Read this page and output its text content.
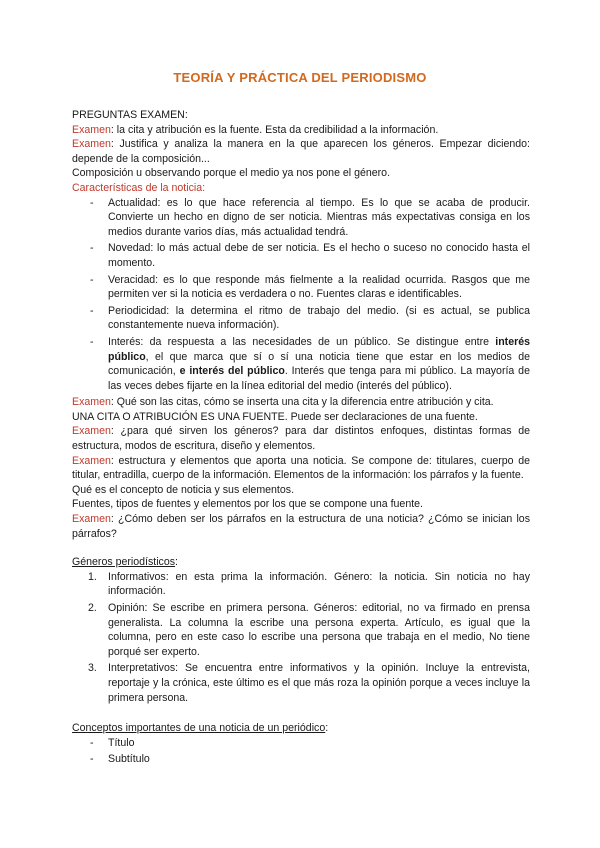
TEORÍA Y PRÁCTICA DEL PERIODISMO

PREGUNTAS EXAMEN:

Examen: la cita y atribución es la fuente. Esta da credibilidad a la información.

Examen: Justifica y analiza la manera en la que aparecen los géneros. Empezar diciendo: depende de la composición...

Composición u observando porque el medio ya nos pone el género.

Características de la noticia:

- Actualidad: es lo que hace referencia al tiempo. Es lo que se acaba de producir. Convierte un hecho en digno de ser noticia. Mientras más expectativas consiga en los medios durante varios días, más actualidad tendrá.
- Novedad: lo más actual debe de ser noticia. Es el hecho o suceso no conocido hasta el momento.
- Veracidad: es lo que responde más fielmente a la realidad ocurrida. Rasgos que me permiten ver si la noticia es verdadera o no. Fuentes claras e identificables.
- Periodicidad: la determina el ritmo de trabajo del medio. (si es actual, se publica constantemente nueva información).
- Interés: da respuesta a las necesidades de un público. Se distingue entre interés público, el que marca que sí o sí una noticia tiene que estar en los medios de comunicación, e interés del público. Interés que tenga para mi público. La mayoría de las veces debes fijarte en la línea editorial del medio (interés del público).

Examen: Qué son las citas, cómo se inserta una cita y la diferencia entre atribución y cita.

UNA CITA O ATRIBUCIÓN ES UNA FUENTE. Puede ser declaraciones de una fuente.

Examen: ¿para qué sirven los géneros? para dar distintos enfoques, distintas formas de estructura, modos de escritura, diseño y elementos.

Examen: estructura y elementos que aporta una noticia. Se compone de: titulares, cuerpo de titular, entradilla, cuerpo de la información. Elementos de la información: los párrafos y la fuente.

Qué es el concepto de noticia y sus elementos.

Fuentes, tipos de fuentes y elementos por los que se compone una fuente.

Examen: ¿Cómo deben ser los párrafos en la estructura de una noticia? ¿Cómo se inician los párrafos?

Géneros periodísticos:

1. Informativos: en esta prima la información. Género: la noticia. Sin noticia no hay información.
2. Opinión: Se escribe en primera persona. Géneros: editorial, no va firmado en prensa generalista. La columna la escribe una persona experta. Artículo, es igual que la columna, pero en este caso lo escribe una persona que trabaja en el medio, No tiene porqué ser experto.
3. Interpretativos: Se encuentra entre informativos y la opinión. Incluye la entrevista, reportaje y la crónica, este último es el que más roza la opinión porque a veces incluye la primera persona.

Conceptos importantes de una noticia de un periódico:

- Título
- Subtítulo
